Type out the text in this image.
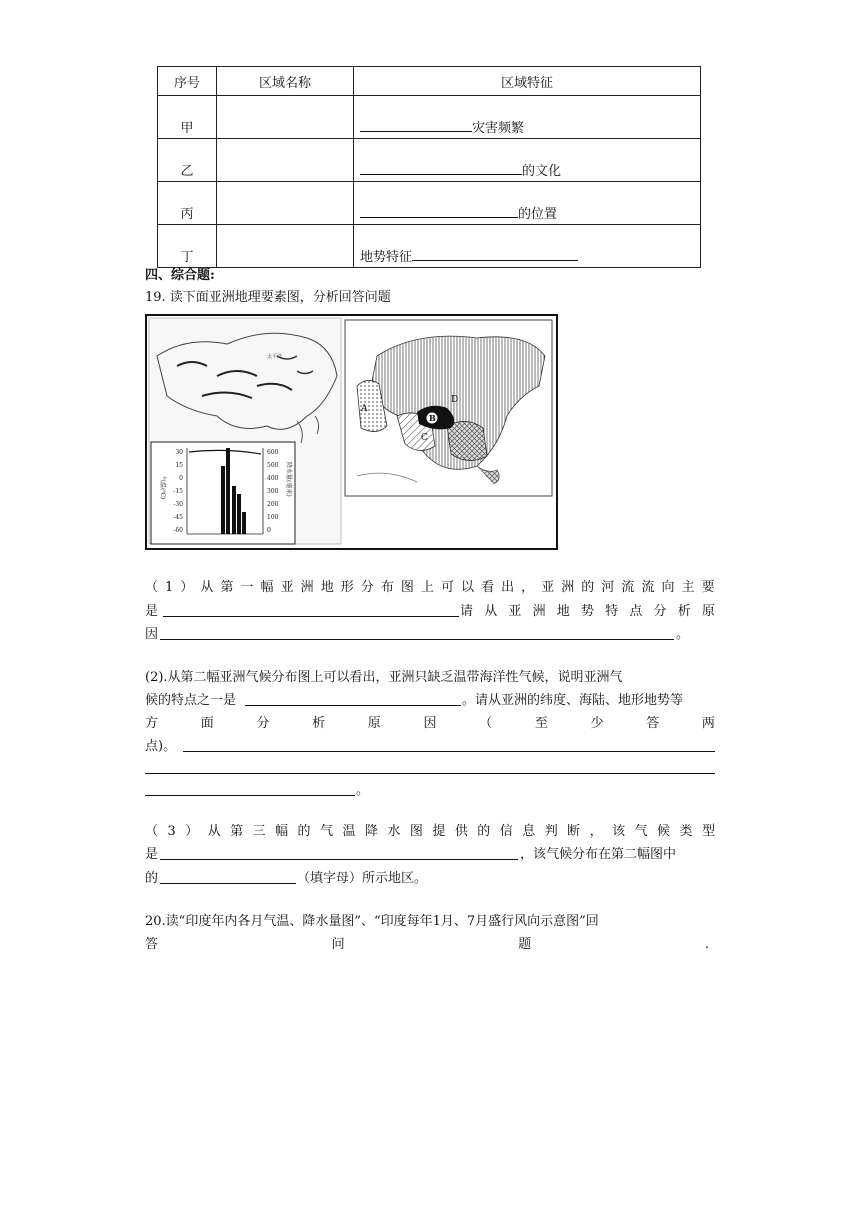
序号	区域名称	区域特征
甲		灾害频繁
乙		的文化
丙		的位置
丁		地势特征
四、综合题:
19. 读下面亚洲地理要素图，分析回答问题
太平洋
气温(℃)	降水量(毫米)
30
15
0
-15
-30
-45
-60
600
500
400
300
200
100
0
B
A
C
D
（ 1 ） 从 第 一 幅 亚 洲 地 形 分 布 图 上 可 以 看 出 ， 亚 洲 的 河 流 流 向 主 要
是	请 从 亚 洲 地 势 特 点 分 析 原
因	。
(2).从第二幅亚洲气候分布图上可以看出，亚洲只缺乏温带海洋性气候，说明亚洲气
候的特点之一是	。请从亚洲的纬度、海陆、地形地势等
方	面	分	析	原	因	（	至	少	答	两
点)。
。
（ 3 ） 从 第 三 幅 的 气 温 降 水 图 提 供 的 信 息 判 断 ， 该 气 候 类 型
是	，该气候分布在第二幅图中
的	（填字母）所示地区。
20.读“印度年内各月气温、降水量图”、“印度每年1月、7月盛行风向示意图”回
答	问	题	.
